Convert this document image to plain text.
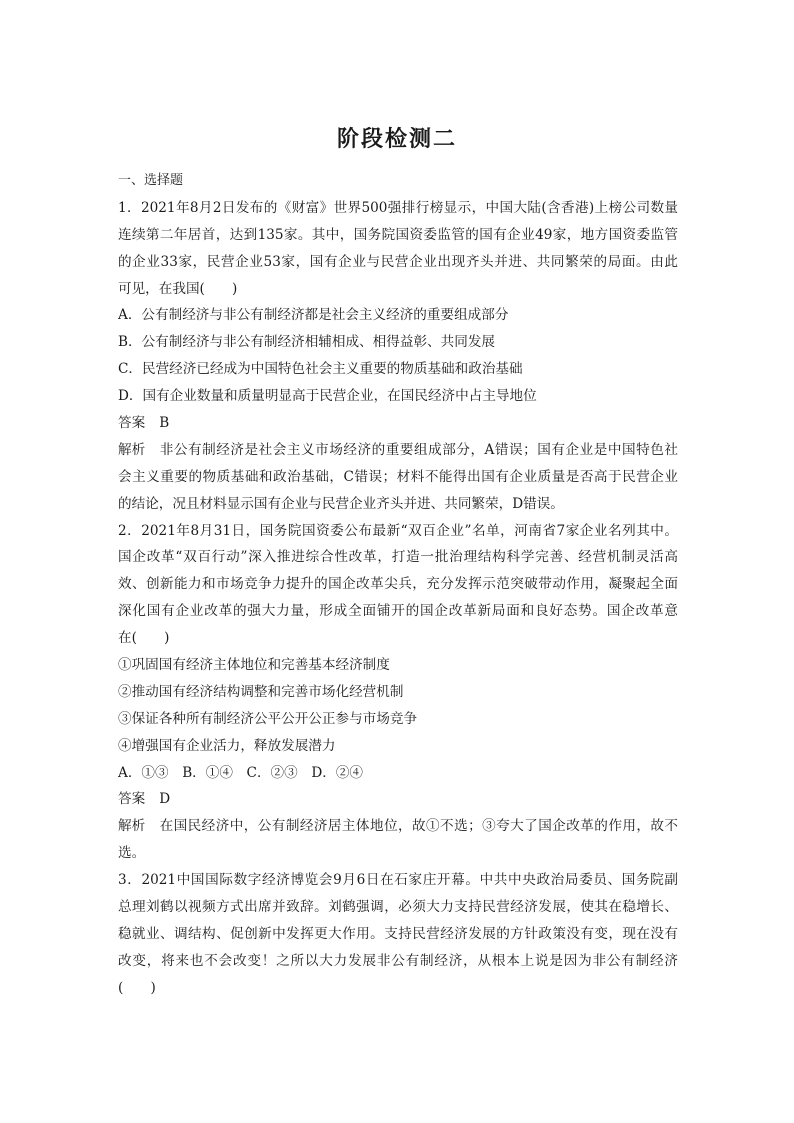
阶段检测二
一、选择题
1．2021年8月2日发布的《财富》世界500强排行榜显示，中国大陆(含香港)上榜公司数量
连续第二年居首，达到135家。其中，国务院国资委监管的国有企业49家，地方国资委监管
的企业33家，民营企业53家，国有企业与民营企业出现齐头并进、共同繁荣的局面。由此
可见，在我国(　　)
A．公有制经济与非公有制经济都是社会主义经济的重要组成部分
B．公有制经济与非公有制经济相辅相成、相得益彰、共同发展
C．民营经济已经成为中国特色社会主义重要的物质基础和政治基础
D．国有企业数量和质量明显高于民营企业，在国民经济中占主导地位
答案 B
解析 非公有制经济是社会主义市场经济的重要组成部分，A错误；国有企业是中国特色社
会主义重要的物质基础和政治基础，C错误；材料不能得出国有企业质量是否高于民营企业
的结论，况且材料显示国有企业与民营企业齐头并进、共同繁荣，D错误。
2．2021年8月31日，国务院国资委公布最新“双百企业”名单，河南省7家企业名列其中。
国企改革“双百行动”深入推进综合性改革，打造一批治理结构科学完善、经营机制灵活高
效、创新能力和市场竞争力提升的国企改革尖兵，充分发挥示范突破带动作用，凝聚起全面
深化国有企业改革的强大力量，形成全面铺开的国企改革新局面和良好态势。国企改革意
在(　　)
①巩固国有经济主体地位和完善基本经济制度
②推动国有经济结构调整和完善市场化经营机制
③保证各种所有制经济公平公开公正参与市场竞争
④增强国有企业活力，释放发展潜力
A．①③　B．①④　C．②③　D．②④
答案 D
解析 在国民经济中，公有制经济居主体地位，故①不选；③夸大了国企改革的作用，故不
选。
3．2021中国国际数字经济博览会9月6日在石家庄开幕。中共中央政治局委员、国务院副
总理刘鹤以视频方式出席并致辞。刘鹤强调，必须大力支持民营经济发展，使其在稳增长、
稳就业、调结构、促创新中发挥更大作用。支持民营经济发展的方针政策没有变，现在没有
改变，将来也不会改变！之所以大力发展非公有制经济，从根本上说是因为非公有制经济
(　　)
